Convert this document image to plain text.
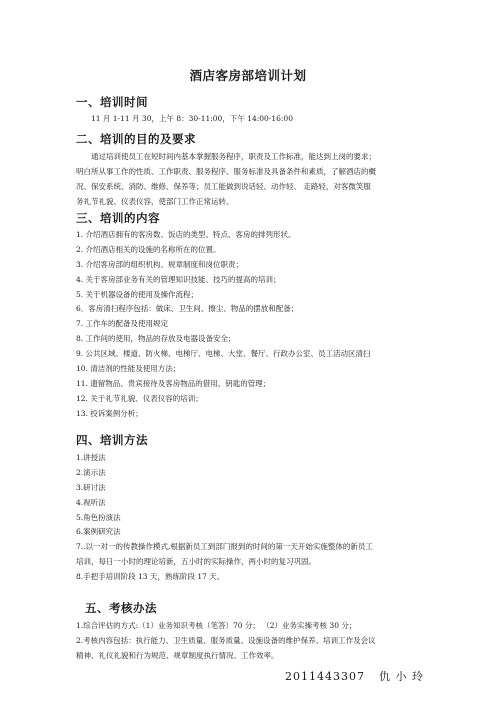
酒店客房部培训计划
一、培训时间
11 月 1-11 月 30，上午 8：30-11:00，下午 14:00-16:00
二、培训的目的及要求
通过培训使员工在短时间内基本掌握服务程序，职责及工作标准，能达到上岗的要求；
明白所从事工作的性质、工作职责、服务程序、服务标准及具备条件和素质，了解酒店的概
况、保安系统、消防、维修、保养等；员工能做到说话轻、动作轻、 走路轻，对客微笑服
务礼节礼貌、仪表仪容，使部门工作正常运转。
三、培训的内容
1. 介绍酒店拥有的客房数、饭店的类型、特点、客房的排列形状。
2. 介绍酒店相关的设施的名称所在的位置。
3. 介绍客房部的组织机构、规章制度和岗位职责；
4. 关于客房部业务有关的管理知识技能、技巧的提高的培训；
5. 关于机器设备的使用及操作流程；
6．客房清扫程序包括：做床、卫生间、擦尘、物品的摆放和配备；
7. 工作车的配备及使用规定
8. 工作间的使用，物品的存放及电器设备安全；
9. 公共区域、楼道、防火梯、电梯厅、电梯、大堂、餐厅、行政办公室、员工活动区清扫
10. 清洁剂的性能及使用方法；
11. 遗留物品、贵宾接待及客房物品的借用、钥匙的管理；
12. 关于礼节礼貌、仪表仪容的培训；
13. 投诉案例分析；
四、培训方法
1.讲授法
2.演示法
3.研讨法
4.视听法
5.角色扮演法
6.案例研究法
7..以一对一的传教操作模式,根据新员工到部门报到的时间的第一天开始实施整体的新员工
培训，每日一小时的理论培新，五小时的实际操作，两小时的复习巩固。
8.手把手培训阶段 13 天，熟练阶段 17 天。
五、考核办法
1.综合评估的方式:（1）业务知识考核（笔答）70 分； （2）业务实操考核 30 分；
2.考核内容包括：执行能力、卫生质量、服务质量、设施设备的维护保养、培训工作及会议
精神、礼仪礼貌和行为规范、规章制度执行情况、工作效率。
2011443307 仇 小 玲
